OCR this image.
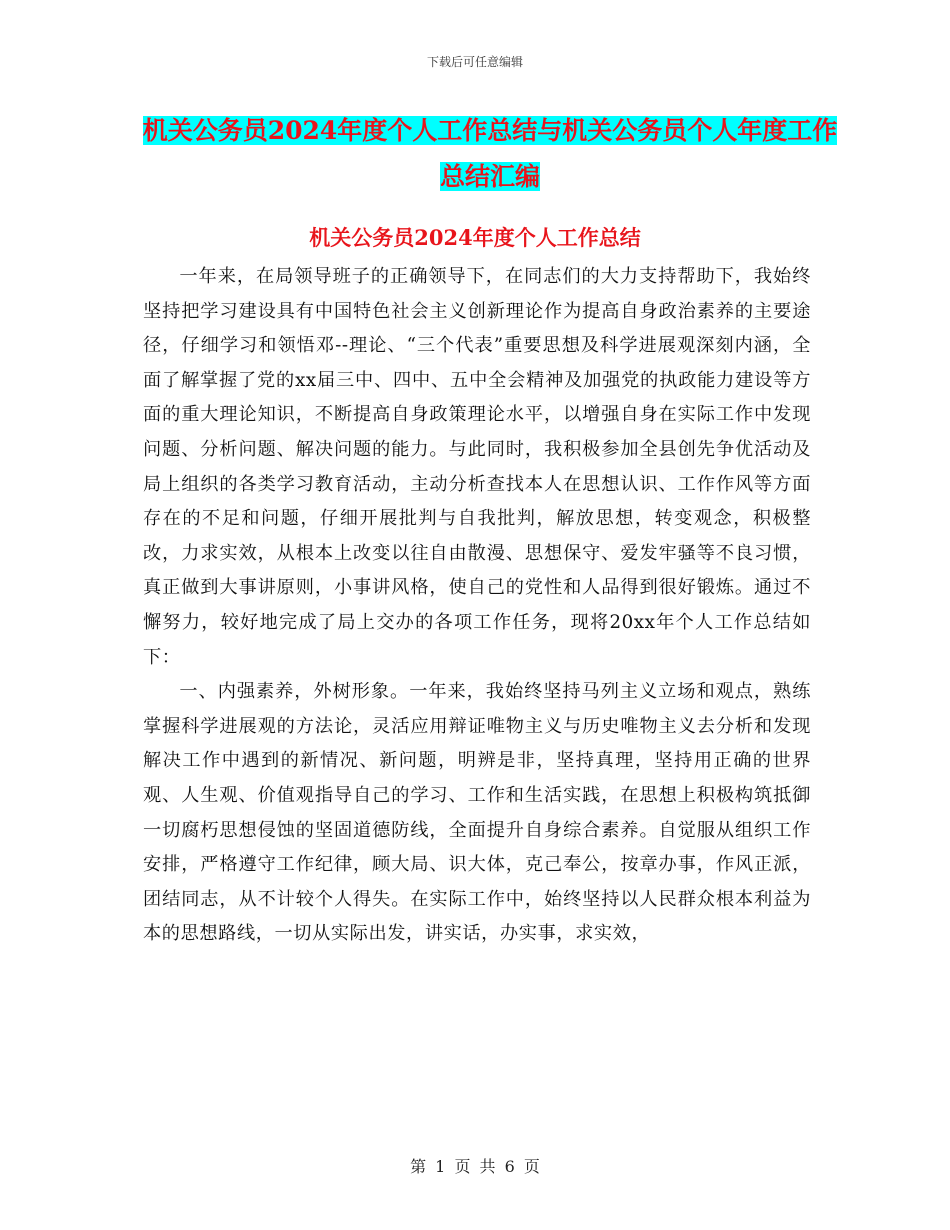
下载后可任意编辑
机关公务员2024年度个人工作总结与机关公务员个人年度工作总结汇编
机关公务员2024年度个人工作总结

一年来，在局领导班子的正确领导下，在同志们的大力支持帮助下，我始终坚持把学习建设具有中国特色社会主义创新理论作为提高自身政治素养的主要途径，仔细学习和领悟邓--理论、“三个代表”重要思想及科学进展观深刻内涵，全面了解掌握了党的xx届三中、四中、五中全会精神及加强党的执政能力建设等方面的重大理论知识，不断提高自身政策理论水平，以增强自身在实际工作中发现问题、分析问题、解决问题的能力。与此同时，我积极参加全县创先争优活动及局上组织的各类学习教育活动，主动分析查找本人在思想认识、工作作风等方面存在的不足和问题，仔细开展批判与自我批判，解放思想，转变观念，积极整改，力求实效，从根本上改变以往自由散漫、思想保守、爱发牢骚等不良习惯，真正做到大事讲原则，小事讲风格，使自己的党性和人品得到很好锻炼。通过不懈努力，较好地完成了局上交办的各项工作任务，现将20xx年个人工作总结如下：

一、内强素养，外树形象。一年来，我始终坚持马列主义立场和观点，熟练掌握科学进展观的方法论，灵活应用辩证唯物主义与历史唯物主义去分析和发现解决工作中遇到的新情况、新问题，明辨是非，坚持真理，坚持用正确的世界观、人生观、价值观指导自己的学习、工作和生活实践，在思想上积极构筑抵御一切腐朽思想侵蚀的坚固道德防线，全面提升自身综合素养。自觉服从组织工作安排，严格遵守工作纪律，顾大局、识大体，克己奉公，按章办事，作风正派，团结同志，从不计较个人得失。在实际工作中，始终坚持以人民群众根本利益为本的思想路线，一切从实际出发，讲实话，办实事，求实效，

第 1 页 共 6 页
